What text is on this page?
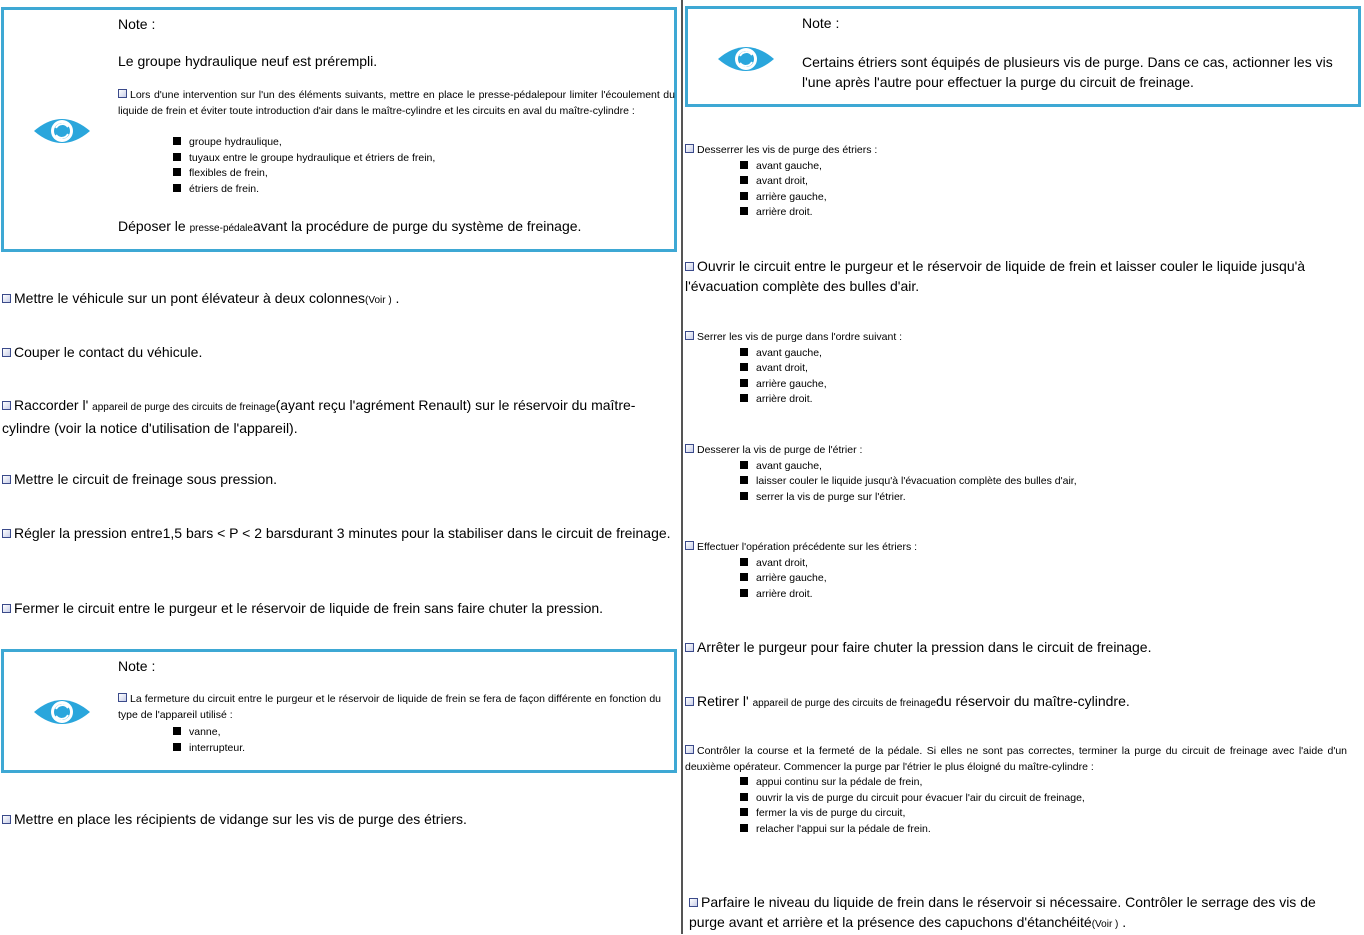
Note :
Le groupe hydraulique neuf est prérempli.
Lors d'une intervention sur l'un des éléments suivants, mettre en place le presse-pédalepour limiter l'écoulement du liquide de frein et éviter toute introduction d'air dans le maître-cylindre et les circuits en aval du maître-cylindre :
groupe hydraulique,
tuyaux entre le groupe hydraulique et étriers de frein,
flexibles de frein,
étriers de frein.
Déposer le presse-pédaleavant la procédure de purge du système de freinage.
Mettre le véhicule sur un pont élévateur à deux colonnes(Voir ) .
Couper le contact du véhicule.
Raccorder l' appareil de purge des circuits de freinage(ayant reçu l'agrément Renault) sur le réservoir du maître-cylindre (voir la notice d'utilisation de l'appareil).
Mettre le circuit de freinage sous pression.
Régler la pression entre1,5 bars < P < 2 barsdurant 3 minutes pour la stabiliser dans le circuit de freinage.
Fermer le circuit entre le purgeur et le réservoir de liquide de frein sans faire chuter la pression.
Note :
La fermeture du circuit entre le purgeur et le réservoir de liquide de frein se fera de façon différente en fonction du type de l'appareil utilisé :
vanne,
interrupteur.
Mettre en place les récipients de vidange sur les vis de purge des étriers.
Note :
Certains étriers sont équipés de plusieurs vis de purge. Dans ce cas, actionner les vis l'une après l'autre pour effectuer la purge du circuit de freinage.
Desserrer les vis de purge des étriers :
avant gauche,
avant droit,
arrière gauche,
arrière droit.
Ouvrir le circuit entre le purgeur et le réservoir de liquide de frein et laisser couler le liquide jusqu'à l'évacuation complète des bulles d'air.
Serrer les vis de purge dans l'ordre suivant :
avant gauche,
avant droit,
arrière gauche,
arrière droit.
Desserer la vis de purge de l'étrier :
avant gauche,
laisser couler le liquide jusqu'à l'évacuation complète des bulles d'air,
serrer la vis de purge sur l'étrier.
Effectuer l'opération précédente sur les étriers :
avant droit,
arrière gauche,
arrière droit.
Arrêter le purgeur pour faire chuter la pression dans le circuit de freinage.
Retirer l' appareil de purge des circuits de freinagedu réservoir du maître-cylindre.
Contrôler la course et la fermeté de la pédale. Si elles ne sont pas correctes, terminer la purge du circuit de freinage avec l'aide d'un deuxième opérateur. Commencer la purge par l'étrier le plus éloigné du maître-cylindre :
appui continu sur la pédale de frein,
ouvrir la vis de purge du circuit pour évacuer l'air du circuit de freinage,
fermer la vis de purge du circuit,
relacher l'appui sur la pédale de frein.
Parfaire le niveau du liquide de frein dans le réservoir si nécessaire. Contrôler le serrage des vis de purge avant et arrière et la présence des capuchons d'étanchéité(Voir ) .
